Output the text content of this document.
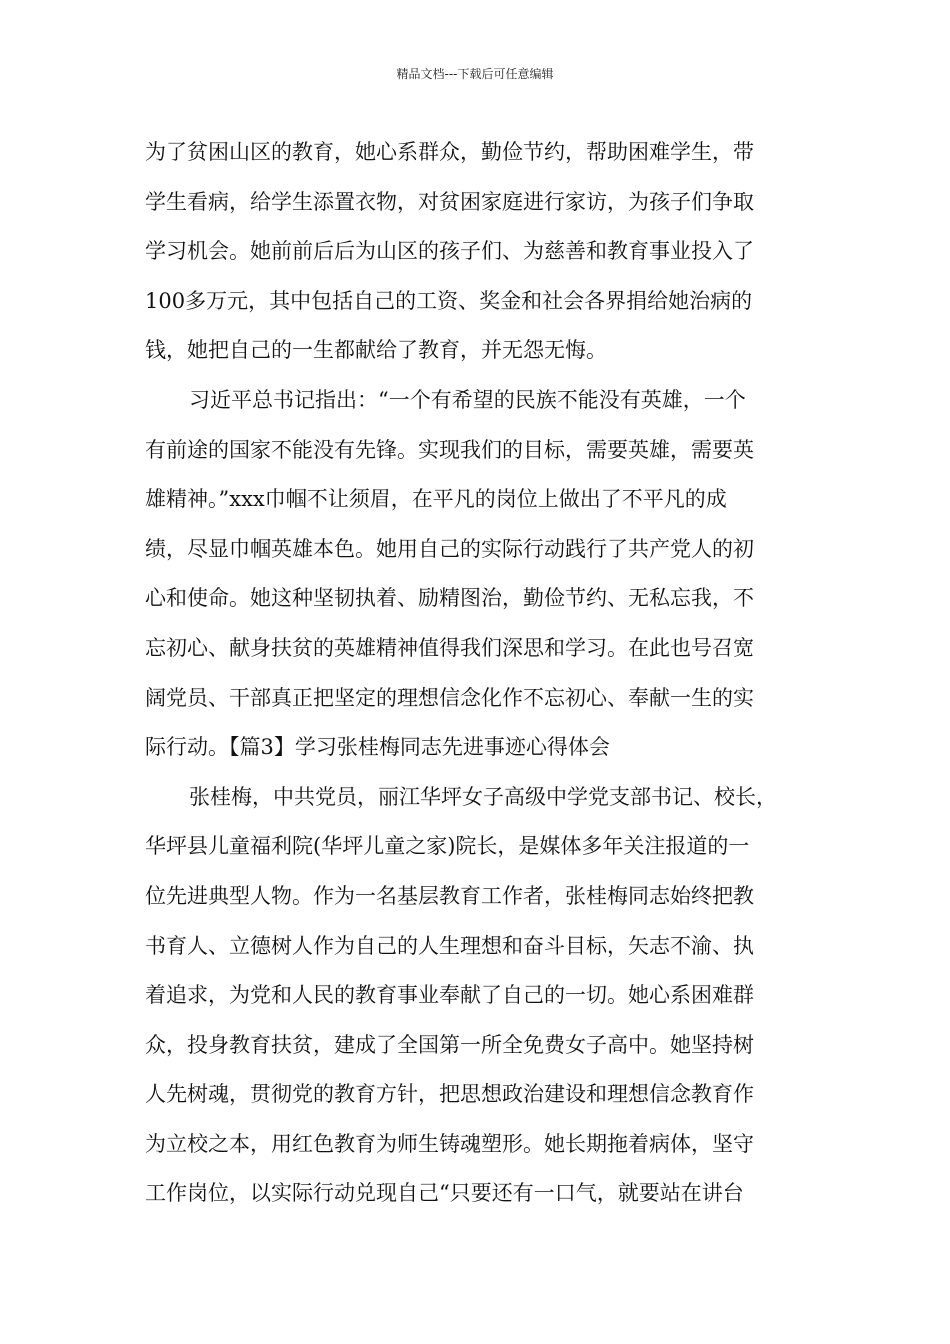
精品文档---下载后可任意编辑
为了贫困山区的教育，她心系群众，勤俭节约，帮助困难学生，带
学生看病，给学生添置衣物，对贫困家庭进行家访，为孩子们争取
学习机会。她前前后后为山区的孩子们、为慈善和教育事业投入了
100多万元，其中包括自己的工资、奖金和社会各界捐给她治病的
钱，她把自己的一生都献给了教育，并无怨无悔。
习近平总书记指出：“一个有希望的民族不能没有英雄，一个
有前途的国家不能没有先锋。实现我们的目标，需要英雄，需要英
雄精神。”xxx巾帼不让须眉，在平凡的岗位上做出了不平凡的成
绩，尽显巾帼英雄本色。她用自己的实际行动践行了共产党人的初
心和使命。她这种坚韧执着、励精图治，勤俭节约、无私忘我，不
忘初心、献身扶贫的英雄精神值得我们深思和学习。在此也号召宽
阔党员、干部真正把坚定的理想信念化作不忘初心、奉献一生的实
际行动。【篇3】学习张桂梅同志先进事迹心得体会
张桂梅，中共党员，丽江华坪女子高级中学党支部书记、校长，
华坪县儿童福利院(华坪儿童之家)院长，是媒体多年关注报道的一
位先进典型人物。作为一名基层教育工作者，张桂梅同志始终把教
书育人、立德树人作为自己的人生理想和奋斗目标，矢志不渝、执
着追求，为党和人民的教育事业奉献了自己的一切。她心系困难群
众，投身教育扶贫，建成了全国第一所全免费女子高中。她坚持树
人先树魂，贯彻党的教育方针，把思想政治建设和理想信念教育作
为立校之本，用红色教育为师生铸魂塑形。她长期拖着病体，坚守
工作岗位，以实际行动兑现自己“只要还有一口气，就要站在讲台
